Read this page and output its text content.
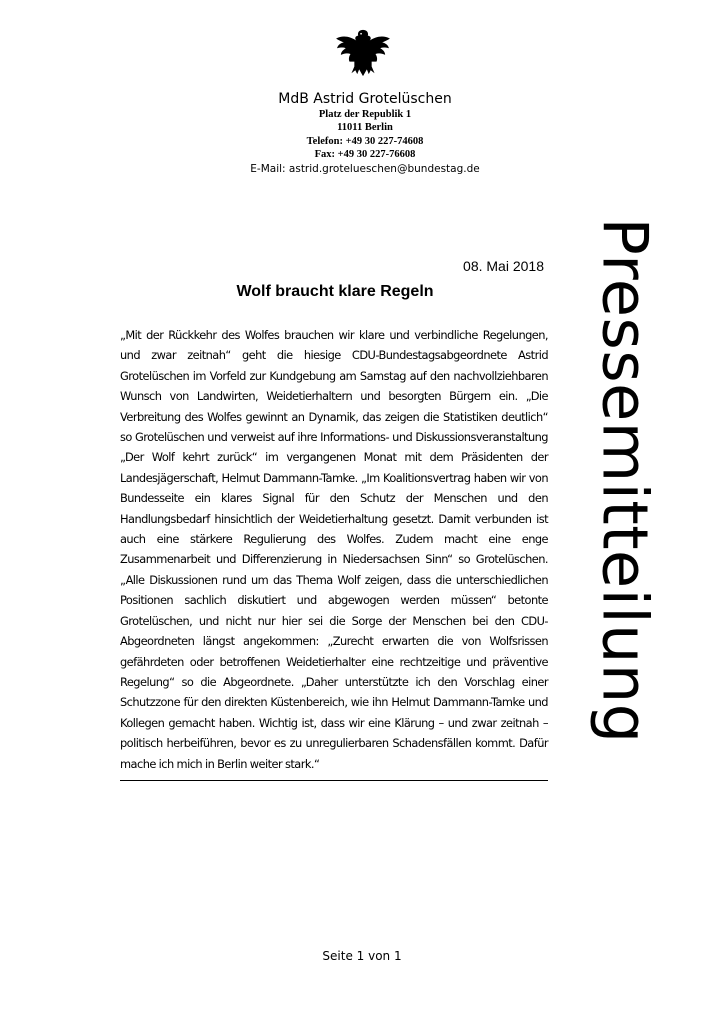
MdB Astrid Grotelüschen
Platz der Republik 1
11011 Berlin
Telefon: +49 30 227-74608
Fax: +49 30 227-76608
E-Mail: astrid.grotelueschen@bundestag.de
Pressemitteilung
08. Mai 2018
Wolf braucht klare Regeln
„Mit der Rückkehr des Wolfes brauchen wir klare und verbindliche Regelungen, und zwar zeitnah“ geht die hiesige CDU-Bundestagsabgeordnete Astrid Grotelüschen im Vorfeld zur Kundgebung am Samstag auf den nachvollziehbaren Wunsch von Landwirten, Weidetierhaltern und besorgten Bürgern ein. „Die Verbreitung des Wolfes gewinnt an Dynamik, das zeigen die Statistiken deutlich“ so Grotelüschen und verweist auf ihre Informations- und Diskussionsveranstaltung „Der Wolf kehrt zurück“ im vergangenen Monat mit dem Präsidenten der Landesjägerschaft, Helmut Dammann-Tamke. „Im Koalitionsvertrag haben wir von Bundesseite ein klares Signal für den Schutz der Menschen und den Handlungsbedarf hinsichtlich der Weidetierhaltung gesetzt. Damit verbunden ist auch eine stärkere Regulierung des Wolfes. Zudem macht eine enge Zusammenarbeit und Differenzierung in Niedersachsen Sinn“ so Grotelüschen. „Alle Diskussionen rund um das Thema Wolf zeigen, dass die unterschiedlichen Positionen sachlich diskutiert und abgewogen werden müssen“ betonte Grotelüschen, und nicht nur hier sei die Sorge der Menschen bei den CDU-Abgeordneten längst angekommen: „Zurecht erwarten die von Wolfsrissen gefährdeten oder betroffenen Weidetierhalter eine rechtzeitige und präventive Regelung“ so die Abgeordnete. „Daher unterstützte ich den Vorschlag einer Schutzzone für den direkten Küstenbereich, wie ihn Helmut Dammann-Tamke und Kollegen gemacht haben. Wichtig ist, dass wir eine Klärung – und zwar zeitnah – politisch herbeiführen, bevor es zu unregulierbaren Schadensfällen kommt. Dafür mache ich mich in Berlin weiter stark.“
Seite 1 von 1
